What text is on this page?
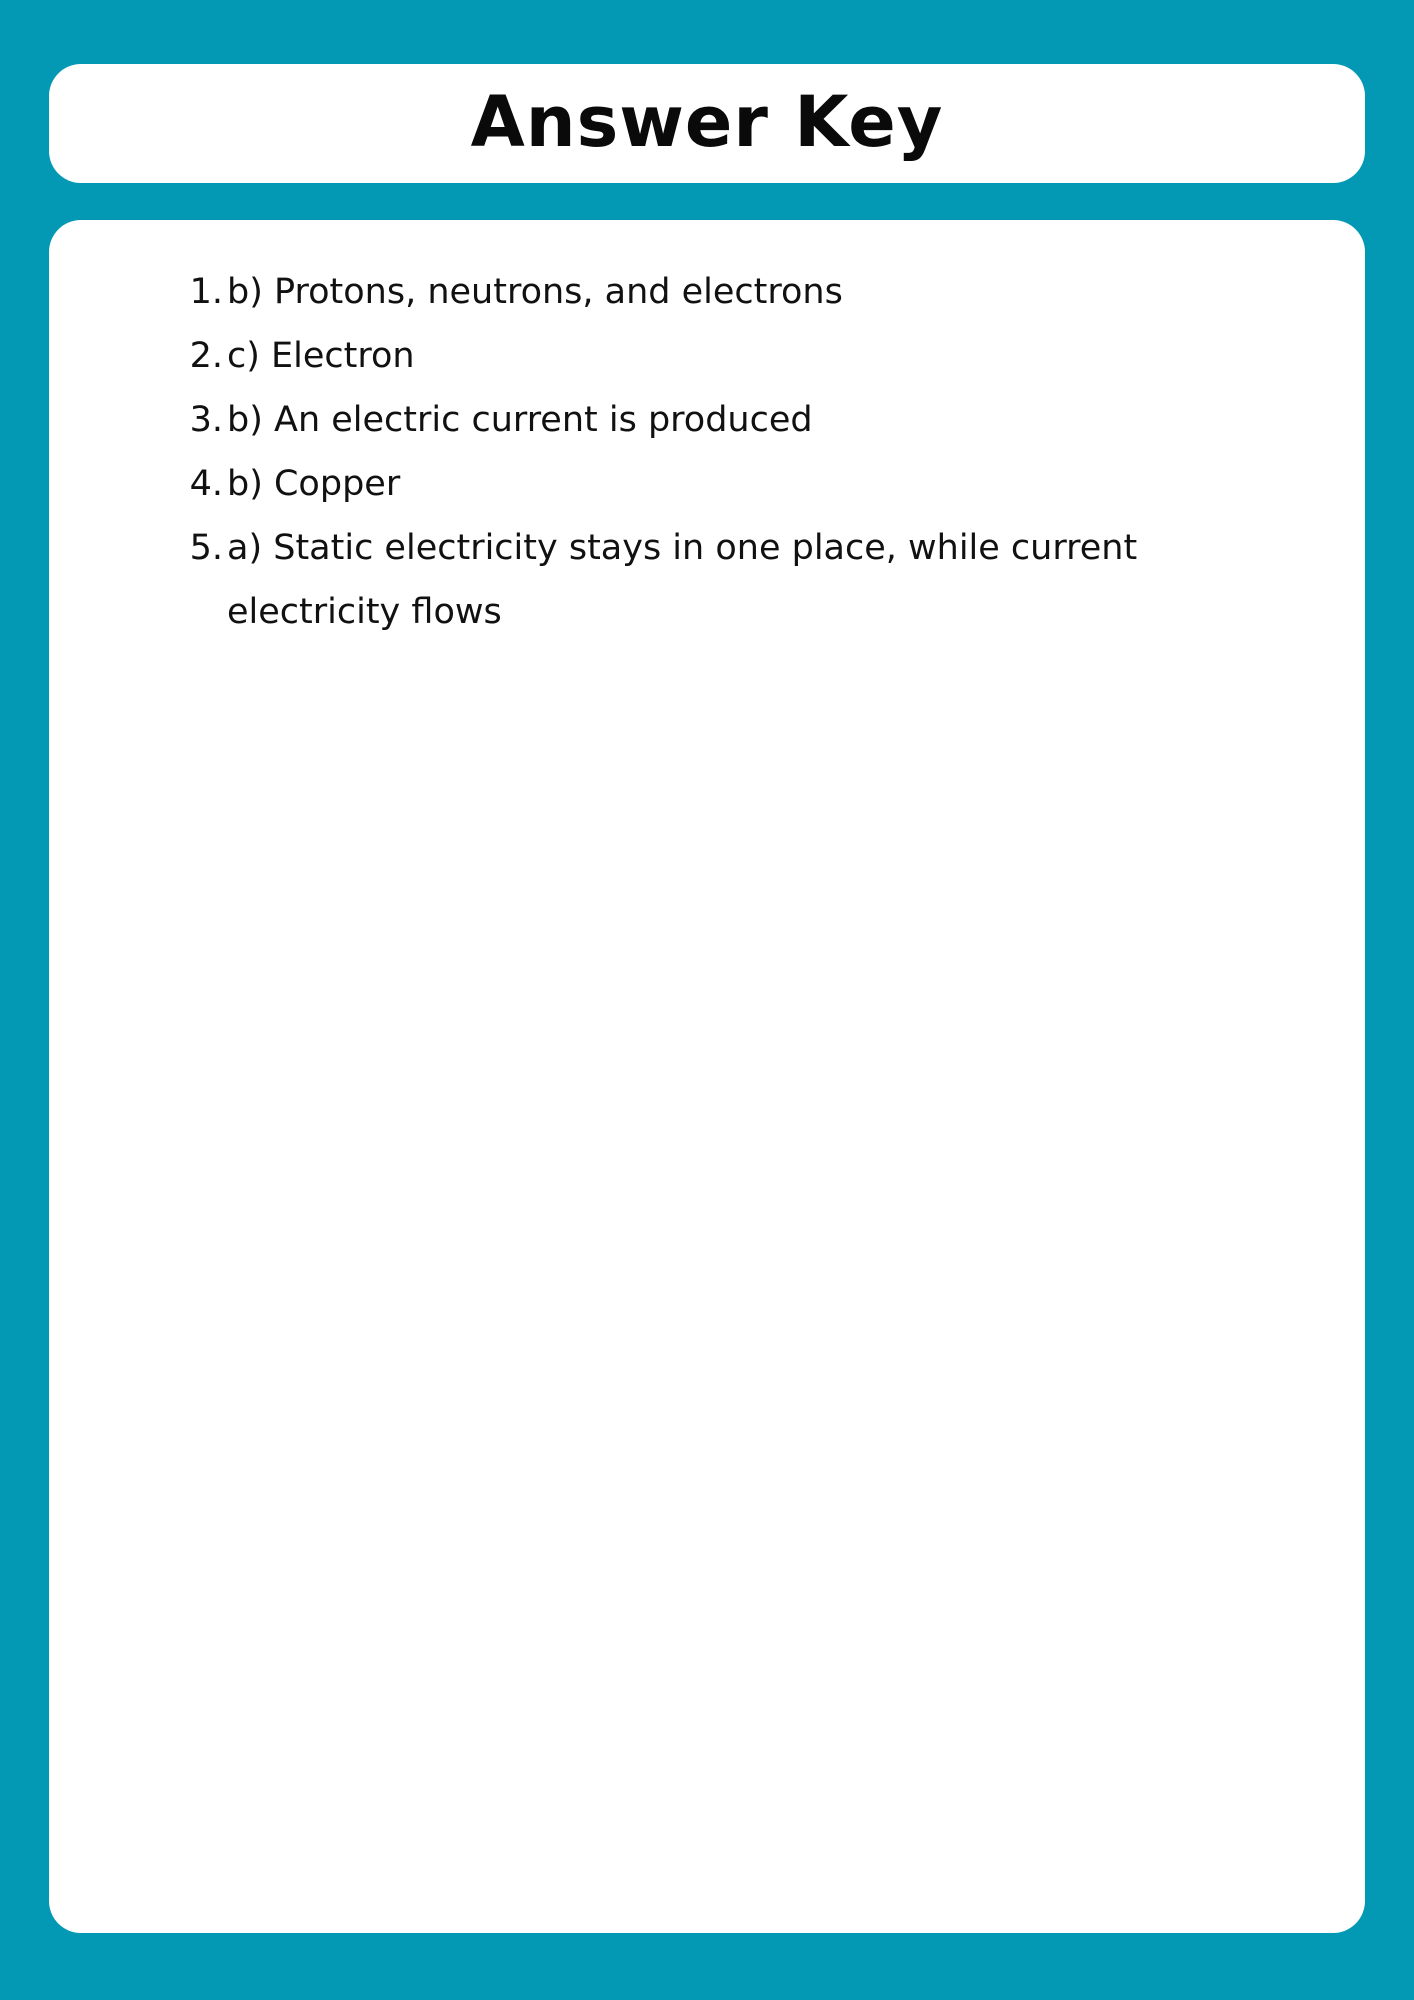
Answer Key
1. b) Protons, neutrons, and electrons
2. c) Electron
3. b) An electric current is produced
4. b) Copper
5. a) Static electricity stays in one place, while current electricity flows
